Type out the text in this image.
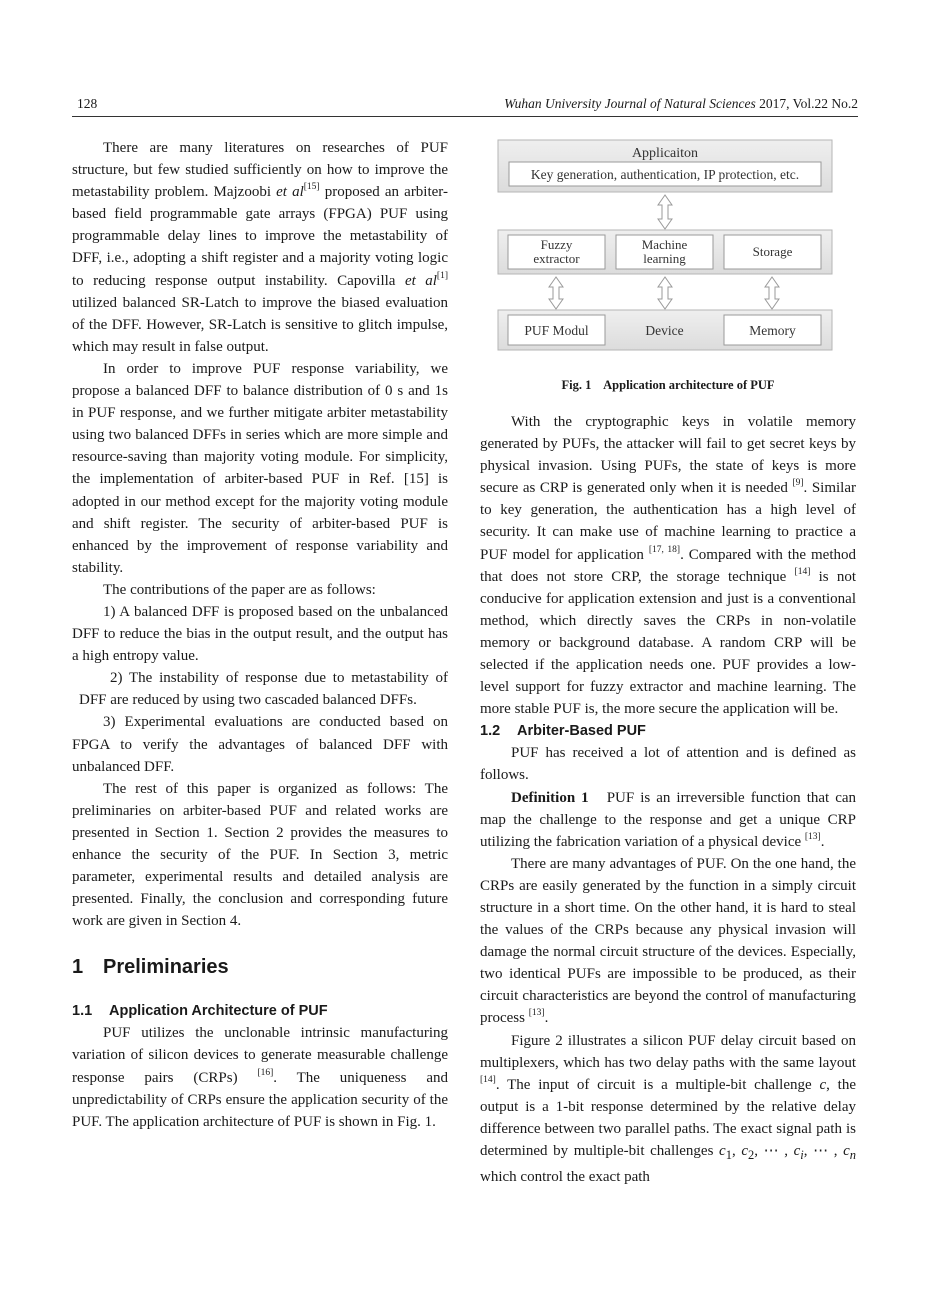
128	Wuhan University Journal of Natural Sciences 2017, Vol.22 No.2

There are many literatures on researches of PUF structure, but few studied sufficiently on how to improve the metastability problem. Majzoobi et al[15] proposed an arbiter-based field programmable gate arrays (FPGA) PUF using programmable delay lines to improve the metastability of DFF, i.e., adopting a shift register and a majority voting logic to reducing response output instability. Capovilla et al[1] utilized balanced SR-Latch to improve the biased evaluation of the DFF. However, SR-Latch is sensitive to glitch impulse, which may result in false output.

In order to improve PUF response variability, we propose a balanced DFF to balance distribution of 0 s and 1s in PUF response, and we further mitigate arbiter metastability using two balanced DFFs in series which are more simple and resource-saving than majority voting module. For simplicity, the implementation of arbiter-based PUF in Ref. [15] is adopted in our method except for the majority voting module and shift register. The security of arbiter-based PUF is enhanced by the improvement of response variability and stability.

The contributions of the paper are as follows:

1) A balanced DFF is proposed based on the unbalanced DFF to reduce the bias in the output result, and the output has a high entropy value.

2) The instability of response due to metastability of DFF are reduced by using two cascaded balanced DFFs.

3) Experimental evaluations are conducted based on FPGA to verify the advantages of balanced DFF with unbalanced DFF.

The rest of this paper is organized as follows: The preliminaries on arbiter-based PUF and related works are presented in Section 1. Section 2 provides the measures to enhance the security of the PUF. In Section 3, metric parameter, experimental results and detailed analysis are presented. Finally, the conclusion and corresponding future work are given in Section 4.

1 Preliminaries
1.1 Application Architecture of PUF

PUF utilizes the unclonable intrinsic manufacturing variation of silicon devices to generate measurable challenge response pairs (CRPs) [16]. The uniqueness and unpredictability of CRPs ensure the application security of the PUF. The application architecture of PUF is shown in Fig. 1.

Applicaiton
Key generation, authentication, IP protection, etc.
Fuzzy
extractor
Machine
learning	Storage
PUF Modul	Device	Memory
Fig. 1    Application architecture of PUF

With the cryptographic keys in volatile memory generated by PUFs, the attacker will fail to get secret keys by physical invasion. Using PUFs, the state of keys is more secure as CRP is generated only when it is needed [9]. Similar to key generation, the authentication has a high level of security. It can make use of machine learning to practice a PUF model for application [17, 18]. Compared with the method that does not store CRP, the storage technique [14] is not conducive for application extension and just is a conventional method, which directly saves the CRPs in non-volatile memory or background database. A random CRP will be selected if the application needs one. PUF provides a low-level support for fuzzy extractor and machine learning. The more stable PUF is, the more secure the application will be.

1.2 Arbiter-Based PUF

PUF has received a lot of attention and is defined as follows.

Definition 1   PUF is an irreversible function that can map the challenge to the response and get a unique CRP utilizing the fabrication variation of a physical device [13].

There are many advantages of PUF. On the one hand, the CRPs are easily generated by the function in a simply circuit structure in a short time. On the other hand, it is hard to steal the values of the CRPs because any physical invasion will damage the normal circuit structure of the devices. Especially, two identical PUFs are impossible to be produced, as their circuit characteristics are beyond the control of manufacturing process [13].

Figure 2 illustrates a silicon PUF delay circuit based on multiplexers, which has two delay paths with the same layout [14]. The input of circuit is a multiple-bit challenge c, the output is a 1-bit response determined by the relative delay difference between two parallel paths. The exact signal path is determined by multiple-bit challenges $c_1$, $c_2$, ⋯ , $c_i$, ⋯ , $c_n$ which control the exact path
